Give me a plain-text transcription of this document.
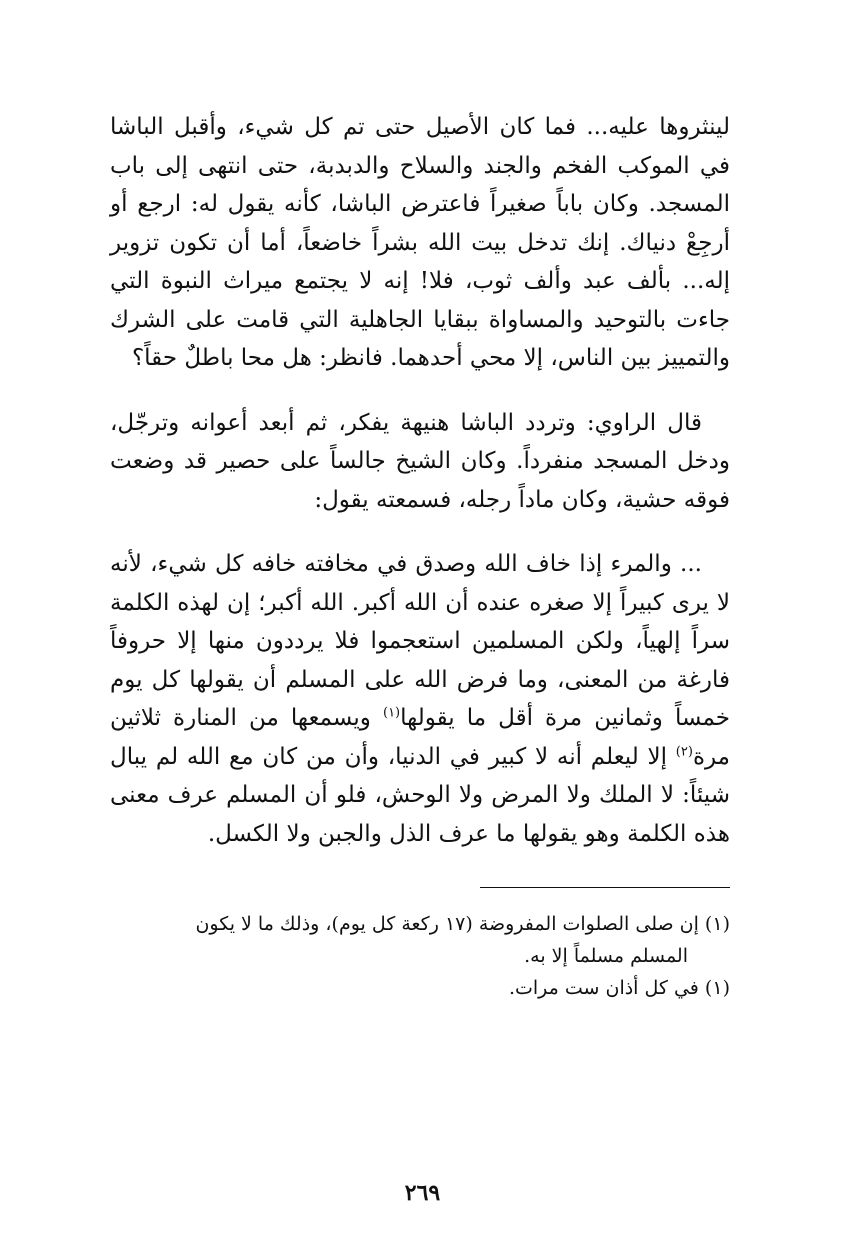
لينثروها عليه... فما كان الأصيل حتى تم كل شيء، وأقبل الباشا في الموكب الفخم والجند والسلاح والدبدبة، حتى انتهى إلى باب المسجد. وكان باباً صغيراً فاعترض الباشا، كأنه يقول له: ارجع أو أرجِعْ دنياك. إنك تدخل بيت الله بشراً خاضعاً، أما أن تكون تزوير إله... بألف عبد وألف ثوب، فلا! إنه لا يجتمع ميراث النبوة التي جاءت بالتوحيد والمساواة ببقايا الجاهلية التي قامت على الشرك والتمييز بين الناس، إلا محي أحدهما. فانظر: هل محا باطلٌ حقاً؟

قال الراوي: وتردد الباشا هنيهة يفكر، ثم أبعد أعوانه وترجّل، ودخل المسجد منفرداً. وكان الشيخ جالساً على حصير قد وضعت فوقه حشية، وكان ماداً رجله، فسمعته يقول:

... والمرء إذا خاف الله وصدق في مخافته خافه كل شيء، لأنه لا يرى كبيراً إلا صغره عنده أن الله أكبر. الله أكبر؛ إن لهذه الكلمة سراً إلهياً، ولكن المسلمين استعجموا فلا يرددون منها إلا حروفاً فارغة من المعنى، وما فرض الله على المسلم أن يقولها كل يوم خمساً وثمانين مرة أقل ما يقولها$^{(١)}$ ويسمعها من المنارة ثلاثين مرة$^{(٢)}$ إلا ليعلم أنه لا كبير في الدنيا، وأن من كان مع الله لم يبال شيئاً: لا الملك ولا المرض ولا الوحش، فلو أن المسلم عرف معنى هذه الكلمة وهو يقولها ما عرف الذل والجبن ولا الكسل.

(١) إن صلى الصلوات المفروضة (١٧ ركعة كل يوم)، وذلك ما لا يكون
المسلم مسلماً إلا به.

(١) في كل أذان ست مرات.

٢٦٩
